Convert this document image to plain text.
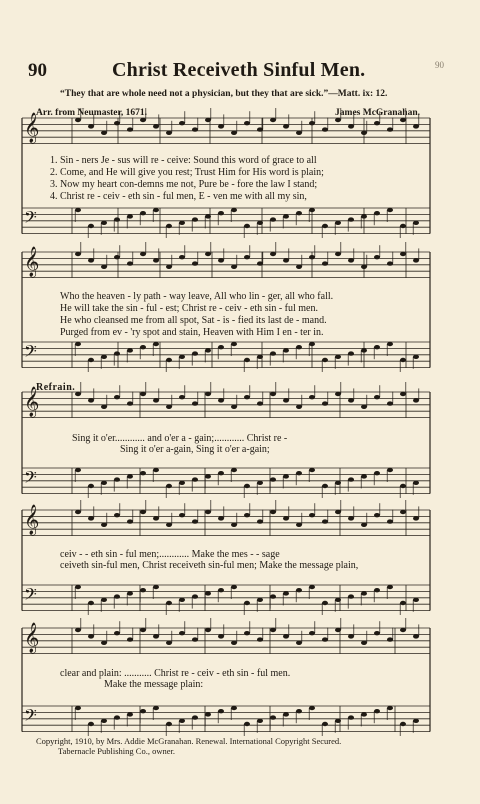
𝄞
𝄢
𝄞
𝄢
𝄞
𝄢
𝄞
𝄢
𝄞
𝄢
90	Christ Receiveth Sinful Men.	90
“They that are whole need not a physician, but they that are sick.”—Matt. ix: 12.
Arr. from Neumaster, 1671.	James McGranahan.
1. Sin - ners Je - sus will re - ceive: Sound this word of grace to all
2. Come, and He will give you rest; Trust Him for His word is plain;
3. Now my heart con-demns me not, Pure be - fore the law I stand;
4. Christ re - ceiv - eth sin - ful men, E - ven me with all my sin,
Who the heaven - ly path - way leave, All who lin - ger, all who fall.
He will take the sin - ful - est; Christ re - ceiv - eth sin - ful men.
He who cleansed me from all spot, Sat - is - fied its last de - mand.
Purged from ev - 'ry spot and stain, Heaven with Him I en - ter in.
Refrain.
Sing it o'er............ and o'er a - gain;............ Christ re -
Sing it o'er a-gain, Sing it o'er a-gain;
ceiv - - eth sin - ful men;............ Make the mes - - sage
ceiveth sin-ful men, Christ receiveth sin-ful men; Make the message plain,
clear and plain: ........... Christ re - ceiv - eth sin - ful men.
Make the message plain:
Copyright, 1910, by Mrs. Addie McGranahan. Renewal. International Copyright Secured.
Tabernacle Publishing Co., owner.
